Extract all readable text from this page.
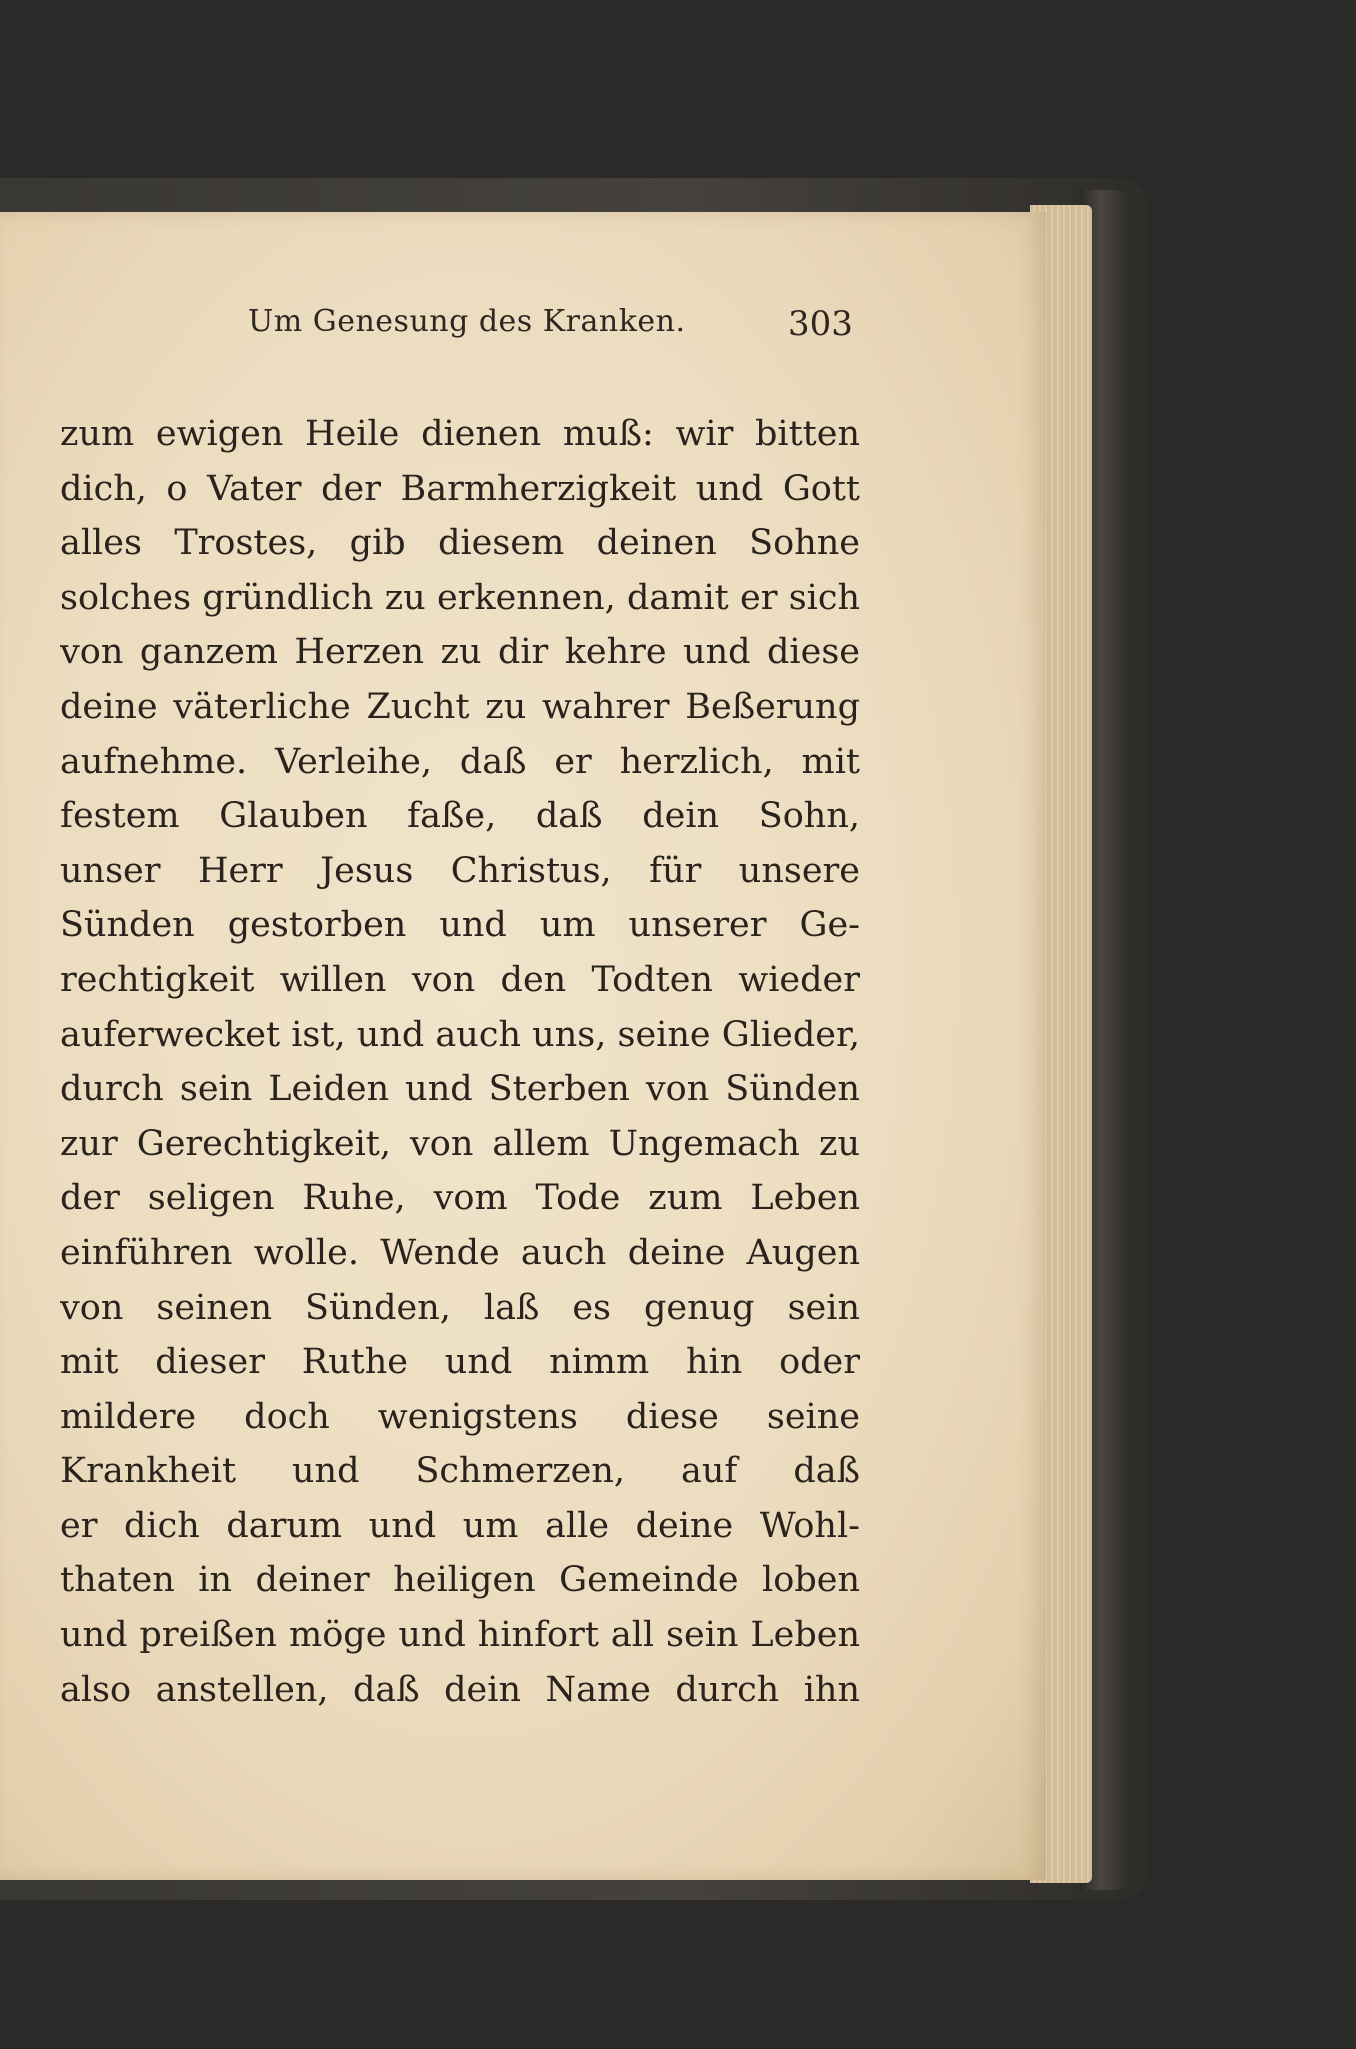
Um Genesung des Kranken.	303
zum ewigen Heile dienen muß: wir bitten
dich, o Vater der Barmherzigkeit und Gott
alles Trostes, gib diesem deinen Sohne
solches gründlich zu erkennen, damit er sich
von ganzem Herzen zu dir kehre und diese
deine väterliche Zucht zu wahrer Beßerung
aufnehme. Verleihe, daß er herzlich, mit
festem Glauben faße, daß dein Sohn,
unser Herr Jesus Christus, für unsere
Sünden gestorben und um unserer Ge-
rechtigkeit willen von den Todten wieder
auferwecket ist, und auch uns, seine Glieder,
durch sein Leiden und Sterben von Sünden
zur Gerechtigkeit, von allem Ungemach zu
der seligen Ruhe, vom Tode zum Leben
einführen wolle. Wende auch deine Augen
von seinen Sünden, laß es genug sein
mit dieser Ruthe und nimm hin oder
mildere doch wenigstens diese seine
Krankheit und Schmerzen, auf daß
er dich darum und um alle deine Wohl-
thaten in deiner heiligen Gemeinde loben
und preißen möge und hinfort all sein Leben
also anstellen, daß dein Name durch ihn
